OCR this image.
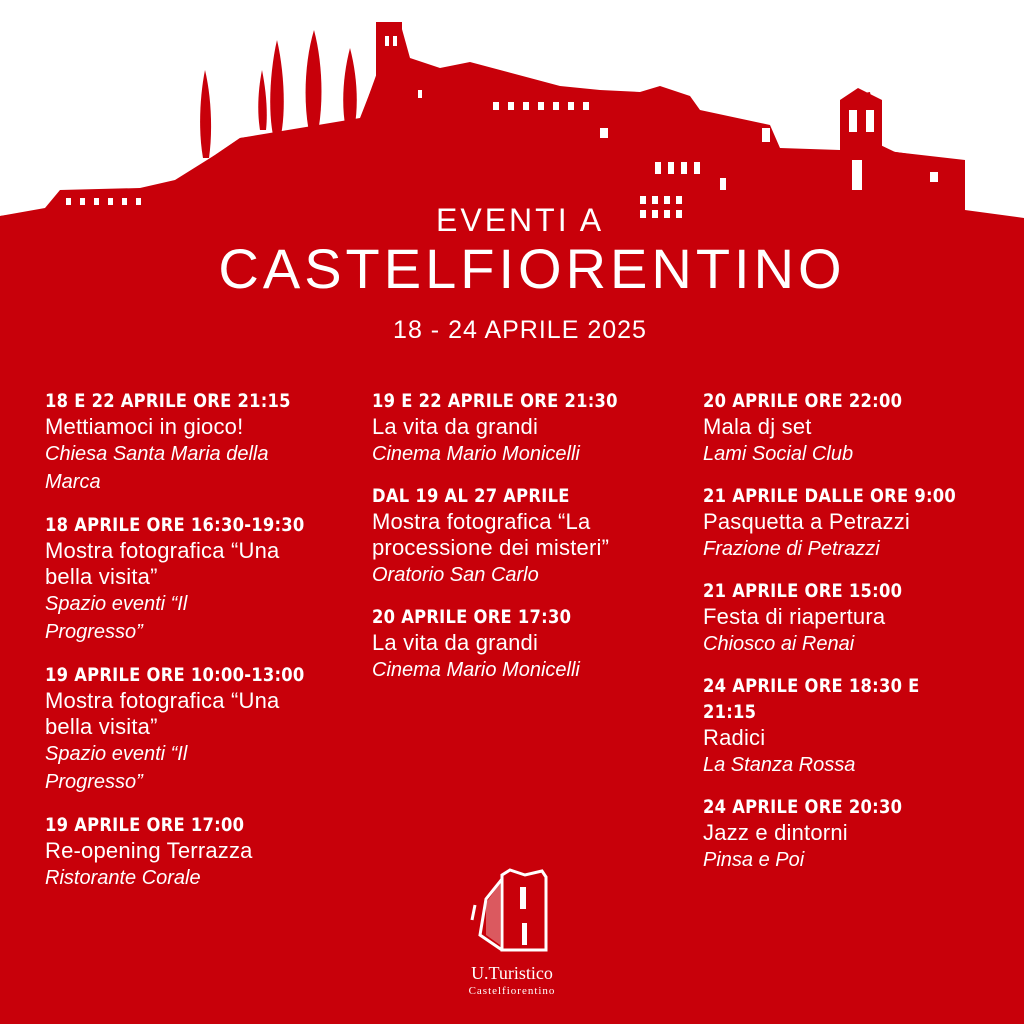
EVENTI A
CASTELFIORENTINO
18 - 24 APRILE 2025
18 E 22 APRILE ORE 21:15
Mettiamoci in gioco!
Chiesa Santa Maria della Marca
18 APRILE ORE 16:30-19:30
Mostra fotografica “Una bella visita”
Spazio eventi “Il Progresso”
19 APRILE ORE 10:00-13:00
Mostra fotografica “Una bella visita”
Spazio eventi “Il Progresso”
19 APRILE ORE 17:00
Re-opening Terrazza
Ristorante Corale
19 E 22 APRILE ORE 21:30
La vita da grandi
Cinema Mario Monicelli
DAL 19 AL 27 APRILE
Mostra fotografica “La processione dei misteri”
Oratorio San Carlo
20 APRILE ORE 17:30
La vita da grandi
Cinema Mario Monicelli
20 APRILE ORE 22:00
Mala dj set
Lami Social Club
21 APRILE DALLE ORE 9:00
Pasquetta a Petrazzi
Frazione di Petrazzi
21 APRILE ORE 15:00
Festa di riapertura
Chiosco ai Renai
24 APRILE ORE 18:30 E 21:15
Radici
La Stanza Rossa
24 APRILE ORE 20:30
Jazz e dintorni
Pinsa e Poi
U.Turistico
Castelfiorentino
